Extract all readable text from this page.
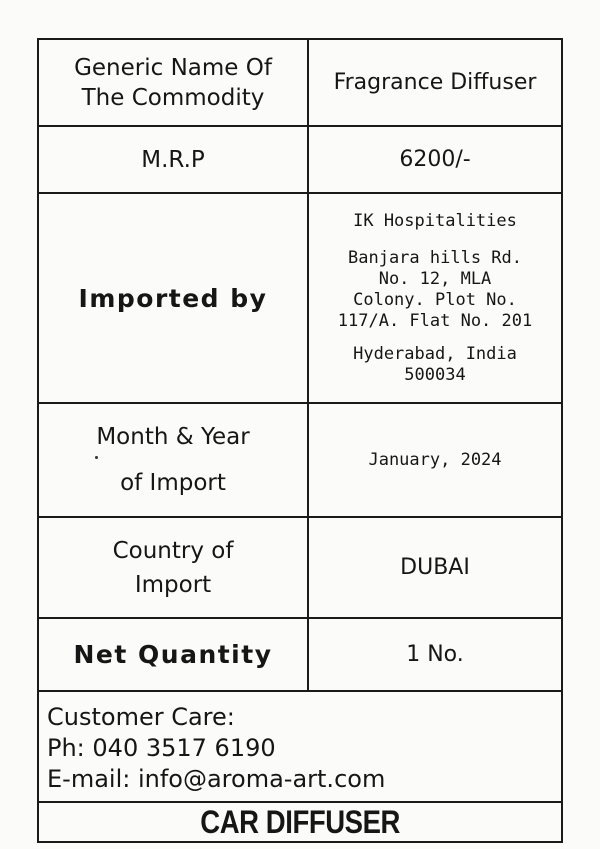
Generic Name Of
The Commodity
Fragrance Diffuser
M.R.P	6200/-
Imported by
IK Hospitalities
Banjara hills Rd.
No. 12, MLA
Colony. Plot No.
117/A. Flat No. 201
Hyderabad, India
500034
Month & Year
of Import
January, 2024
Country of
Import
DUBAI
Net Quantity	1 No.
Customer Care:
Ph: 040 3517 6190
E-mail: info@aroma-art.com
CAR DIFFUSER
